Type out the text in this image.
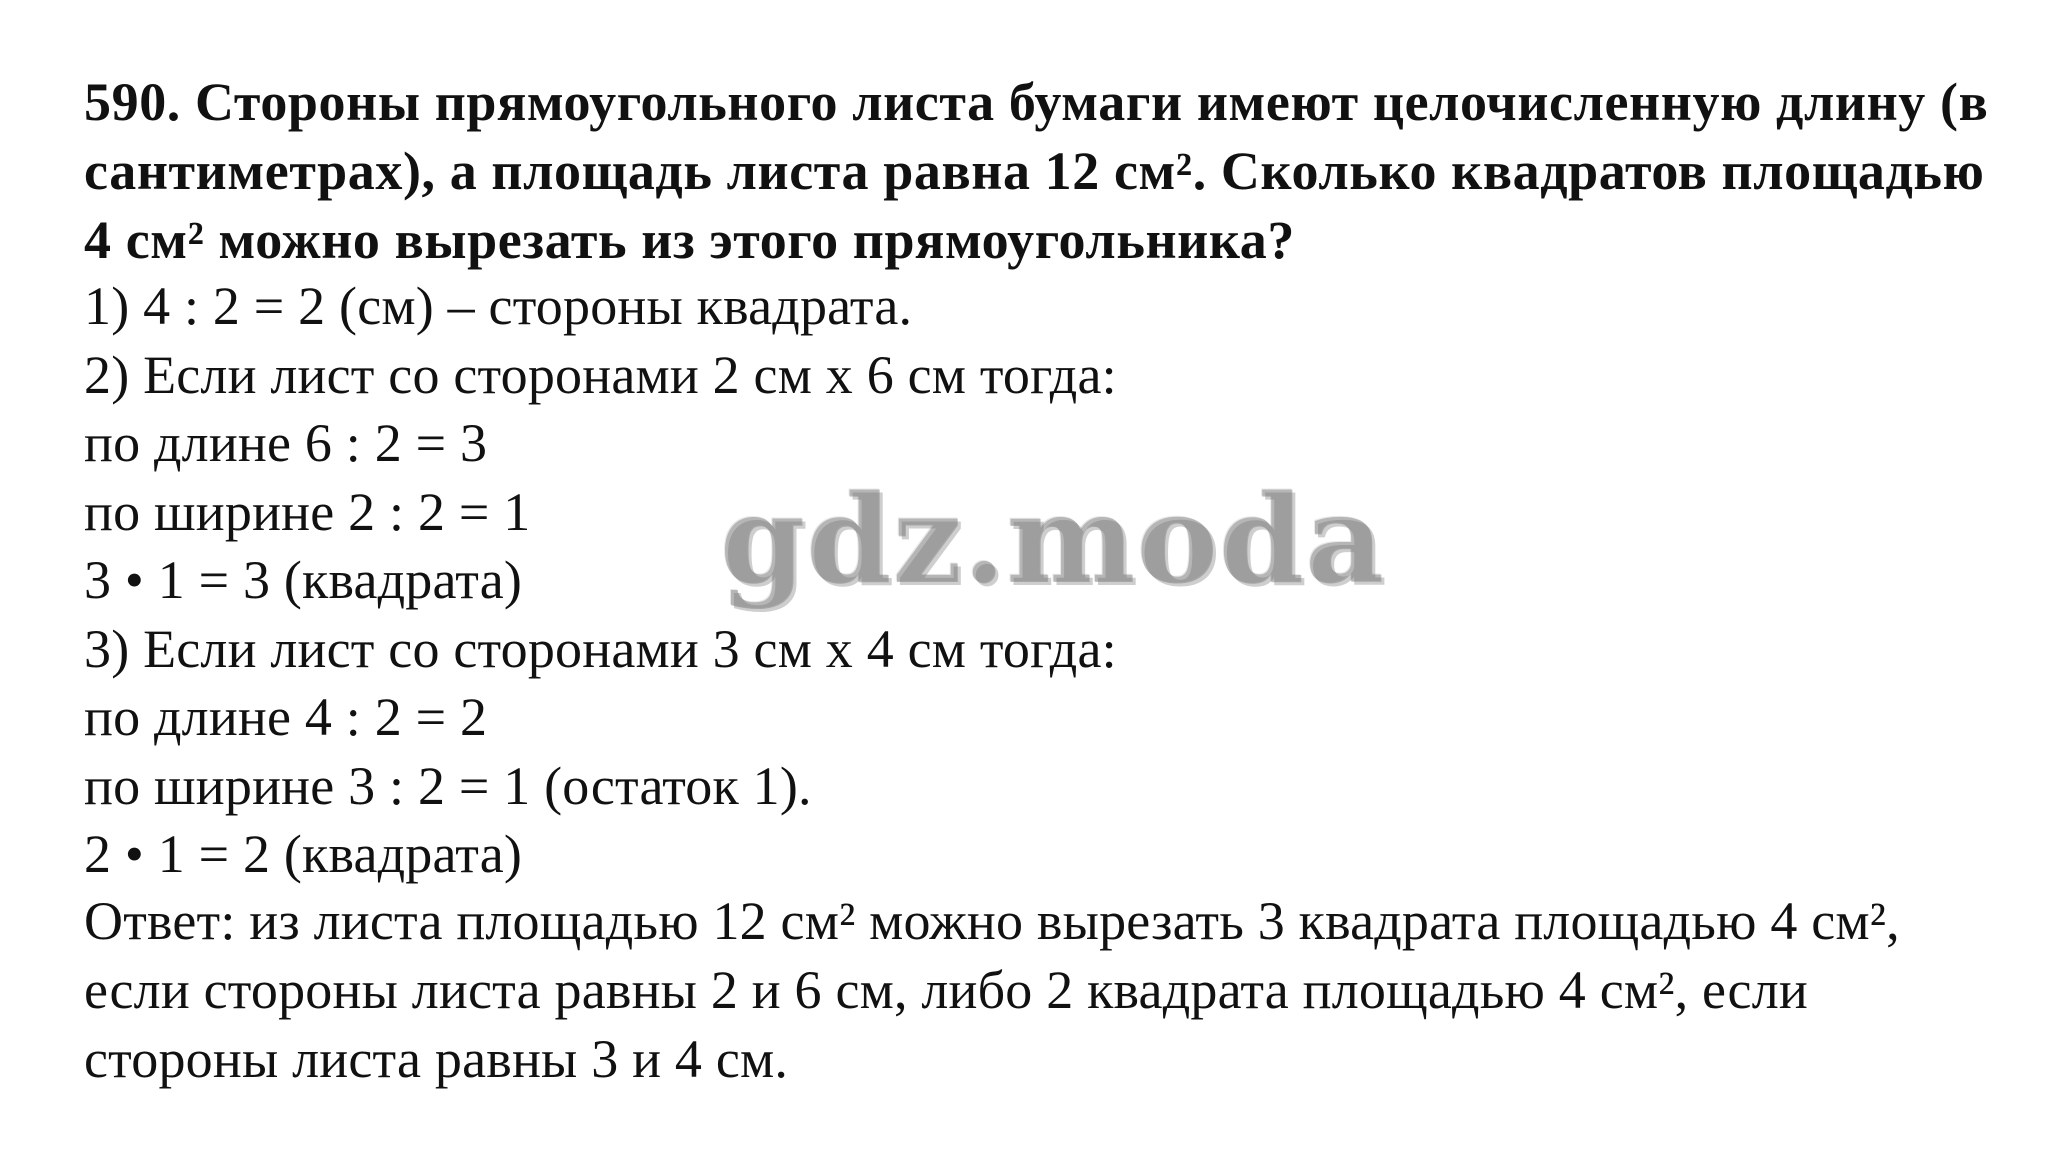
590. Стороны прямоугольного листа бумаги имеют целочисленную длину (в сантиметрах), а площадь листа равна 12 см². Сколько квадратов площадью 4 см² можно вырезать из этого прямоугольника?
1) 4 : 2 = 2 (см) – стороны квадрата.
2) Если лист со сторонами 2 см х 6 см тогда:
по длине 6 : 2 = 3
по ширине 2 : 2 = 1
3 • 1 = 3 (квадрата)
3) Если лист со сторонами 3 см х 4 см тогда:
по длине 4 : 2 = 2
по ширине 3 : 2 = 1 (остаток 1).
2 • 1 = 2 (квадрата)
Ответ: из листа площадью 12 см² можно вырезать 3 квадрата площадью 4 см², если стороны листа равны 2 и 6 см, либо 2 квадрата площадью 4 см², если стороны листа равны 3 и 4 см.
gdz.moda
